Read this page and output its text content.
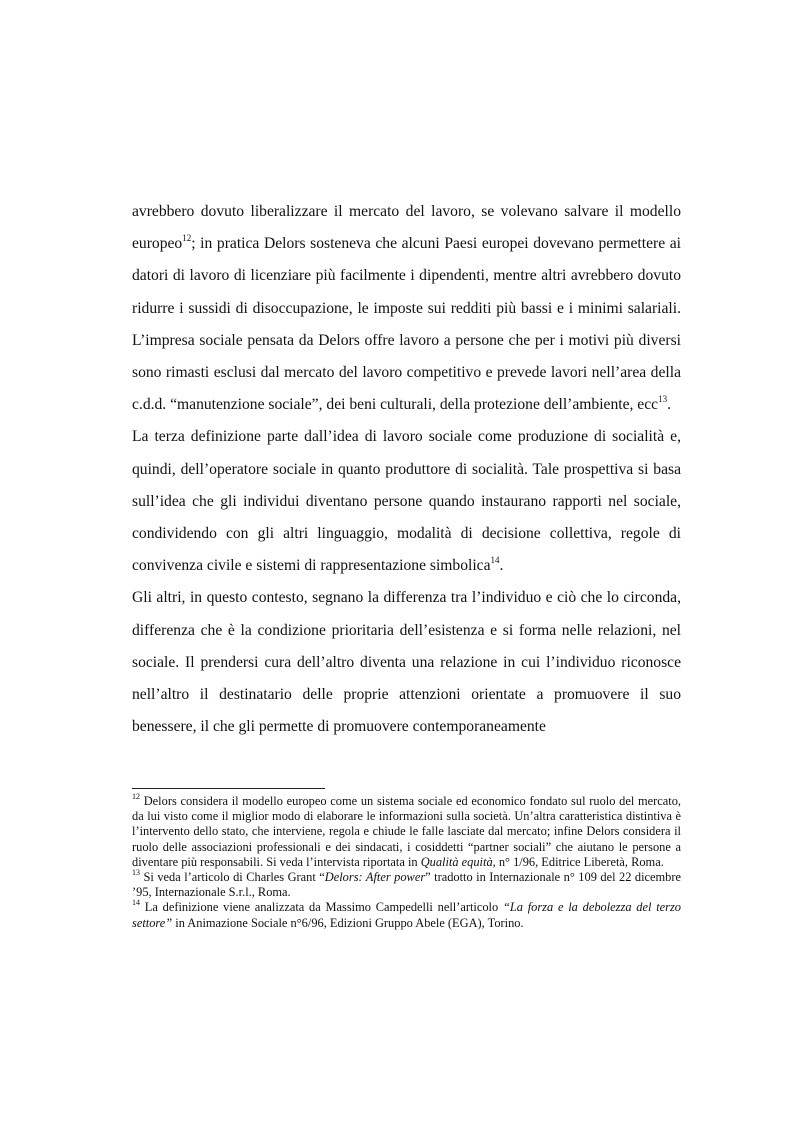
avrebbero dovuto liberalizzare il mercato del lavoro, se volevano salvare il modello europeo$^{12}$; in pratica Delors sosteneva che alcuni Paesi europei dovevano permettere ai datori di lavoro di licenziare più facilmente i dipendenti, mentre altri avrebbero dovuto ridurre i sussidi di disoccupazione, le imposte sui redditi più bassi e i minimi salariali. L’impresa sociale pensata da Delors offre lavoro a persone che per i motivi più diversi sono rimasti esclusi dal mercato del lavoro competitivo e prevede lavori nell’area della c.d.d. “manutenzione sociale”, dei beni culturali, della protezione dell’ambiente, ecc$^{13}$.

La terza definizione parte dall’idea di lavoro sociale come produzione di socialità e, quindi, dell’operatore sociale in quanto produttore di socialità. Tale prospettiva si basa sull’idea che gli individui diventano persone quando instaurano rapporti nel sociale, condividendo con gli altri linguaggio, modalità di decisione collettiva, regole di convivenza civile e sistemi di rappresentazione simbolica$^{14}$.

Gli altri, in questo contesto, segnano la differenza tra l’individuo e ciò che lo circonda, differenza che è la condizione prioritaria dell’esistenza e si forma nelle relazioni, nel sociale. Il prendersi cura dell’altro diventa una relazione in cui l’individuo riconosce nell’altro il destinatario delle proprie attenzioni orientate a promuovere il suo benessere, il che gli permette di promuovere contemporaneamente

$^{12}$ Delors considera il modello europeo come un sistema sociale ed economico fondato sul ruolo del mercato, da lui visto come il miglior modo di elaborare le informazioni sulla società. Un’altra caratteristica distintiva è l’intervento dello stato, che interviene, regola e chiude le falle lasciate dal mercato; infine Delors considera il ruolo delle associazioni professionali e dei sindacati, i cosiddetti “partner sociali” che aiutano le persone a diventare più responsabili. Si veda l’intervista riportata in Qualità equità, n° 1/96, Editrice Liberetà, Roma.

$^{13}$ Si veda l’articolo di Charles Grant “Delors: After power” tradotto in Internazionale n° 109 del 22 dicembre ’95, Internazionale S.r.l., Roma.

$^{14}$ La definizione viene analizzata da Massimo Campedelli nell’articolo “La forza e la debolezza del terzo settore” in Animazione Sociale n°6/96, Edizioni Gruppo Abele (EGA), Torino.
